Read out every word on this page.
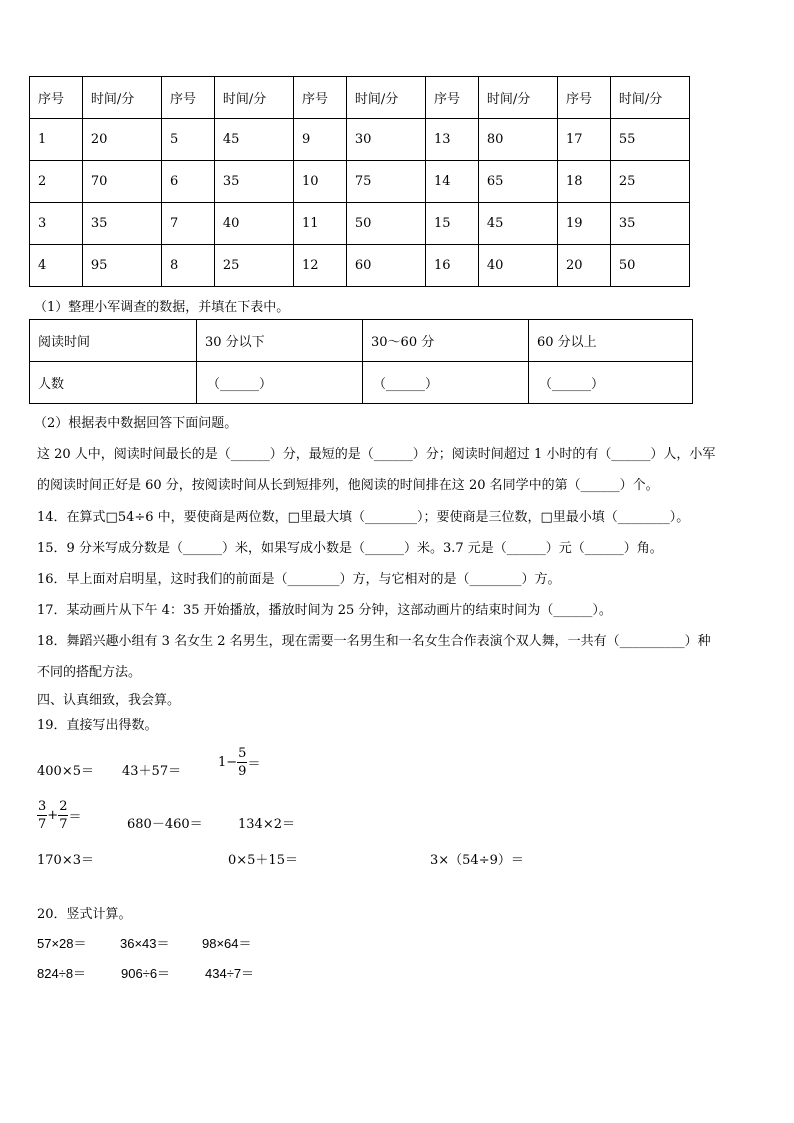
序号	时间/分	序号	时间/分	序号	时间/分	序号	时间/分	序号	时间/分
1	20	5	45	9	30	13	80	17	55
2	70	6	35	10	75	14	65	18	25
3	35	7	40	11	50	15	45	19	35
4	95	8	25	12	60	16	40	20	50
（1）整理小军调查的数据，并填在下表中。
阅读时间	30 分以下	30～60 分	60 分以上
人数	（______）	（______）	（______）
（2）根据表中数据回答下面问题。
这 20 人中，阅读时间最长的是（______）分，最短的是（______）分；阅读时间超过 1 小时的有（______）人，小军
的阅读时间正好是 60 分，按阅读时间从长到短排列，他阅读的时间排在这 20 名同学中的第（______）个。
14．在算式□54÷6 中，要使商是两位数，□里最大填（________）；要使商是三位数，□里最小填（________）。
15．9 分米写成分数是（______）米，如果写成小数是（______）米。3.7 元是（______）元（______）角。
16．早上面对启明星，这时我们的前面是（________）方，与它相对的是（________）方。
17．某动画片从下午 4：35 开始播放，播放时间为 25 分钟，这部动画片的结束时间为（______）。
18．舞蹈兴趣小组有 3 名女生 2 名男生，现在需要一名男生和一名女生合作表演个双人舞，一共有（__________）种
不同的搭配方法。
四、认真细致，我会算。
19．直接写出得数。
400×5＝ 43＋57＝
$1- \frac{5}{9}$ ＝
$\frac{3}{7} + \frac{2}{7}$ ＝	680－460＝	134×2＝
170×3＝	0×5＋15＝	3×（54÷9）＝
20．竖式计算。
57×28＝	36×43＝ 98×64＝
824÷8＝	906÷6＝	434÷7＝
